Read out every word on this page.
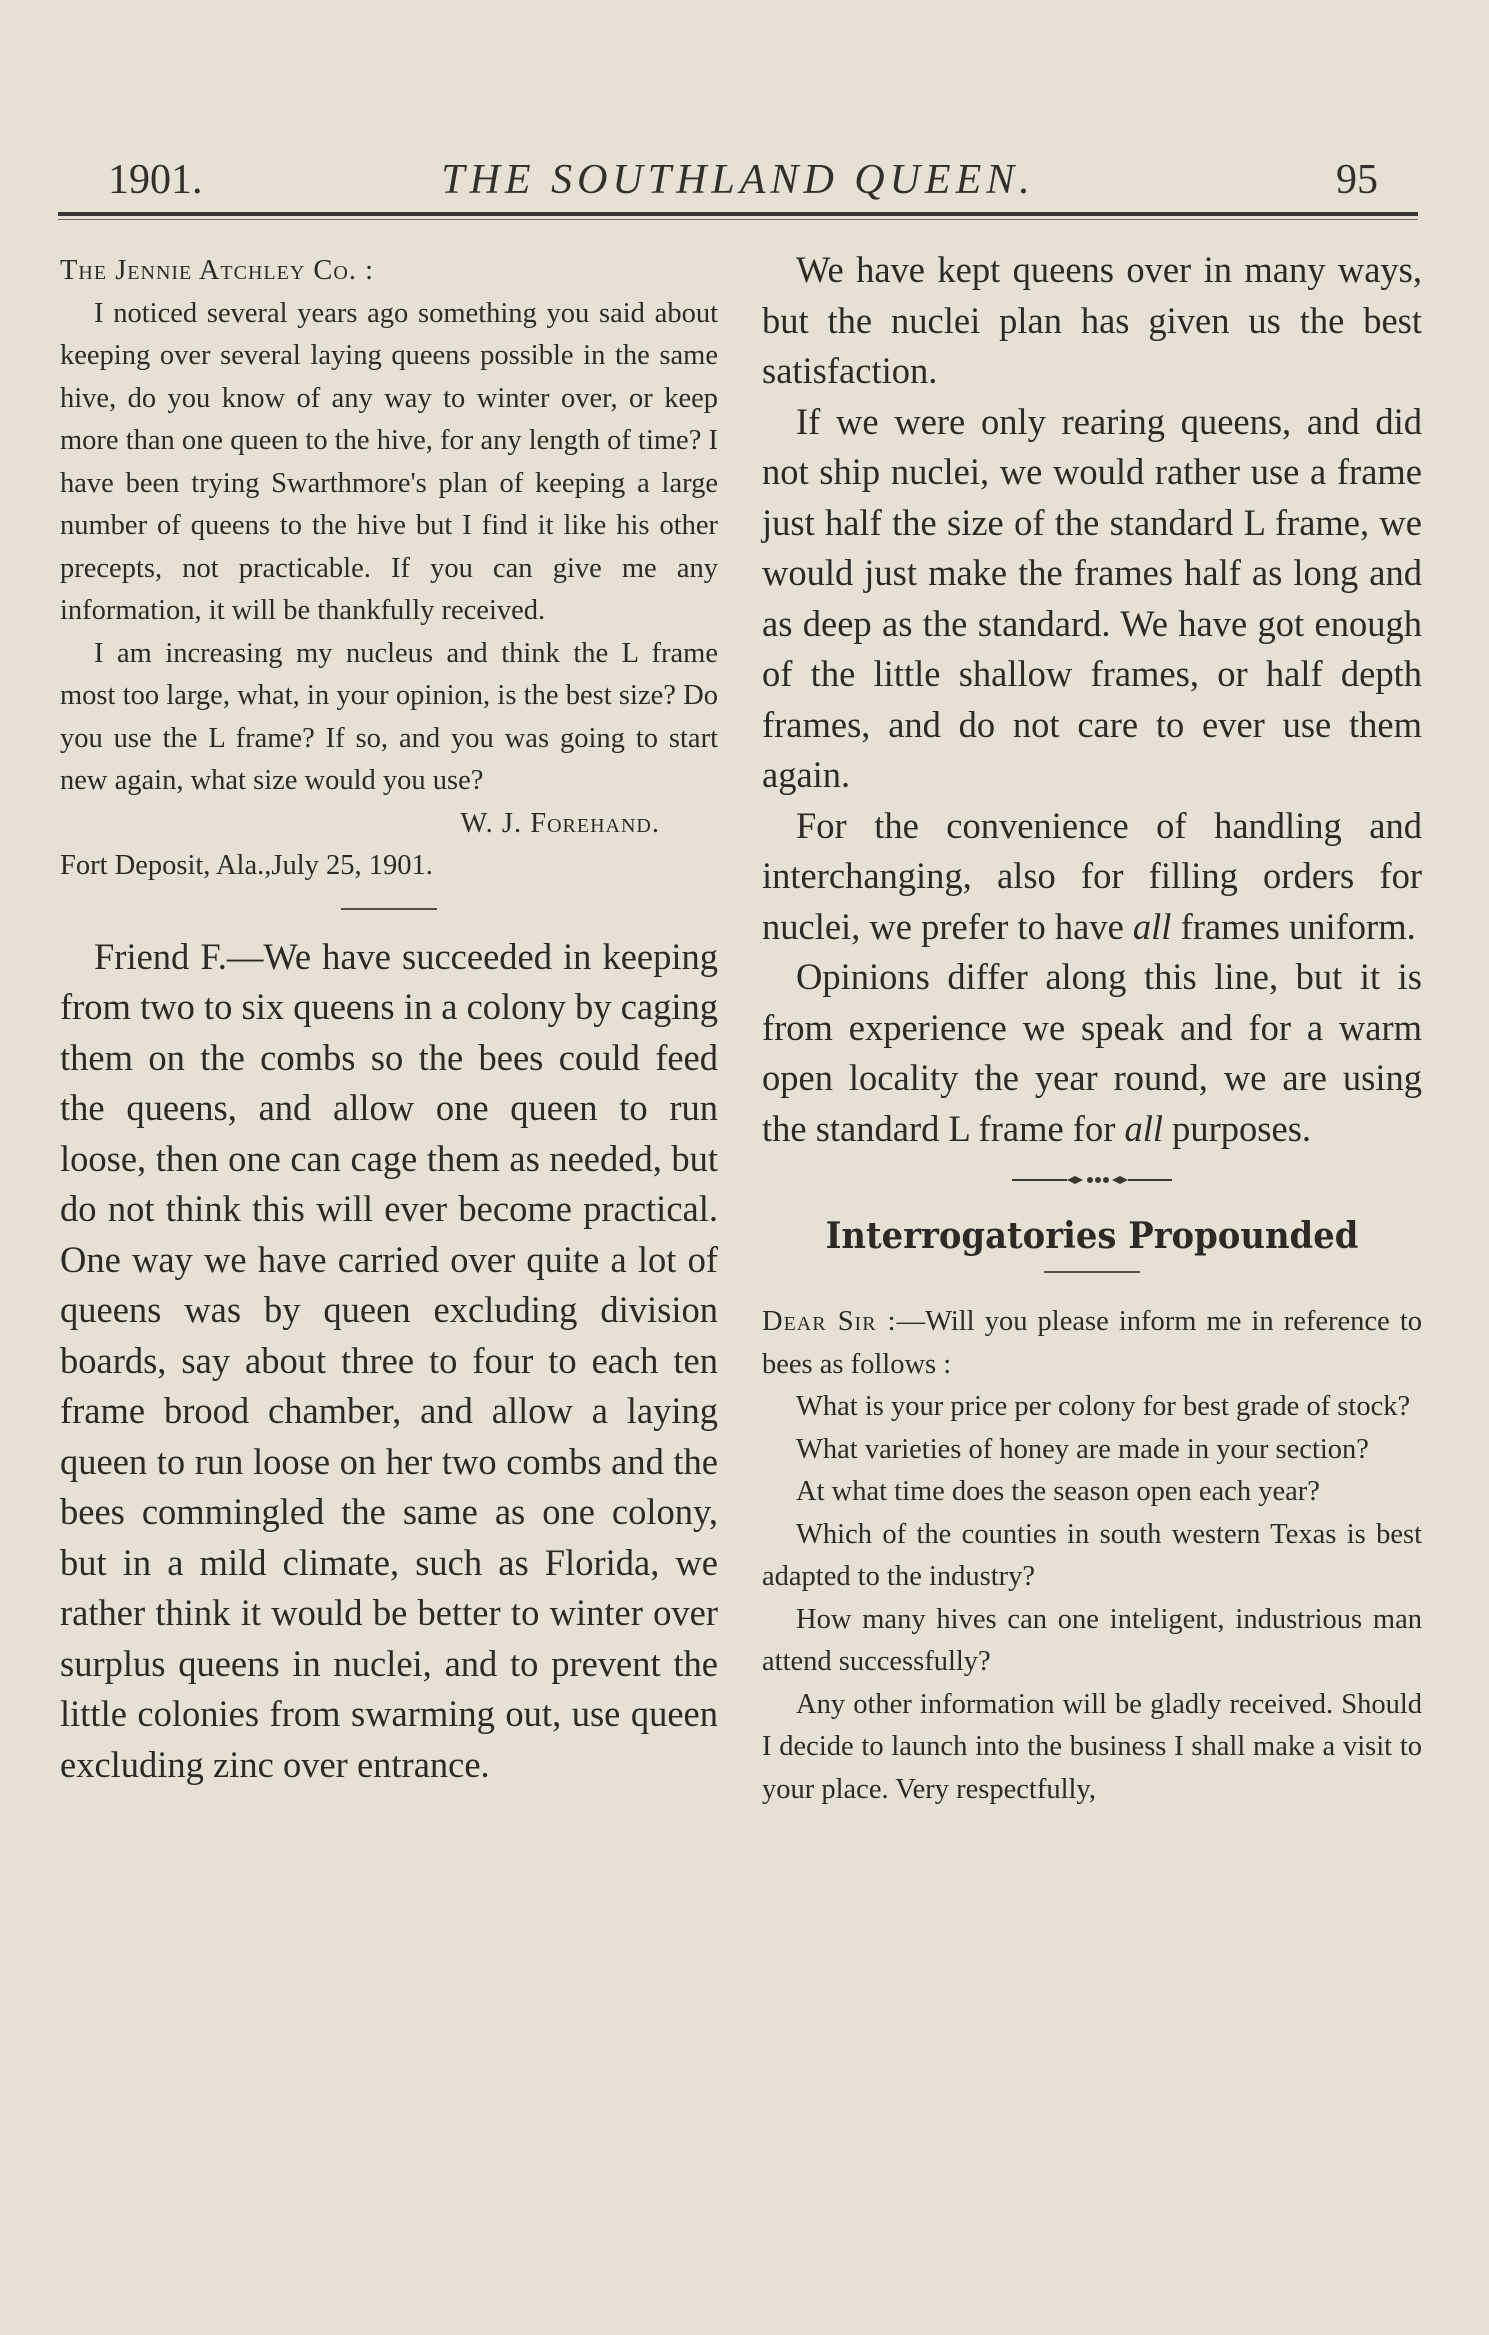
1901.	THE SOUTHLAND QUEEN.	95

The Jennie Atchley Co. :

I noticed several years ago something you said about keeping over several laying queens possible in the same hive, do you know of any way to winter over, or keep more than one queen to the hive, for any length of time? I have been trying Swarthmore's plan of keeping a large number of queens to the hive but I find it like his other precepts, not practicable. If you can give me any information, it will be thankfully received.

I am increasing my nucleus and think the L frame most too large, what, in your opinion, is the best size? Do you use the L frame? If so, and you was going to start new again, what size would you use?

W. J. Forehand.

Fort Deposit, Ala.,July 25, 1901.

Friend F.—We have succeeded in keeping from two to six queens in a colony by caging them on the combs so the bees could feed the queens, and allow one queen to run loose, then one can cage them as needed, but do not think this will ever become practical. One way we have carried over quite a lot of queens was by queen excluding division boards, say about three to four to each ten frame brood chamber, and allow a laying queen to run loose on her two combs and the bees commingled the same as one colony, but in a mild climate, such as Florida, we rather think it would be better to winter over surplus queens in nuclei, and to prevent the little colonies from swarming out, use queen excluding zinc over entrance.

We have kept queens over in many ways, but the nuclei plan has given us the best satisfaction.

If we were only rearing queens, and did not ship nuclei, we would rather use a frame just half the size of the standard L frame, we would just make the frames half as long and as deep as the standard. We have got enough of the little shallow frames, or half depth frames, and do not care to ever use them again.

For the convenience of handling and interchanging, also for filling orders for nuclei, we prefer to have all frames uniform.

Opinions differ along this line, but it is from experience we speak and for a warm open locality the year round, we are using the standard L frame for all purposes.

Interrogatories Propounded

Dear Sir :—Will you please inform me in reference to bees as follows :

What is your price per colony for best grade of stock?

What varieties of honey are made in your section?

At what time does the season open each year?

Which of the counties in south western Texas is best adapted to the industry?

How many hives can one inteligent, industrious man attend successfully?

Any other information will be gladly received. Should I decide to launch into the business I shall make a visit to your place. Very respectfully,
